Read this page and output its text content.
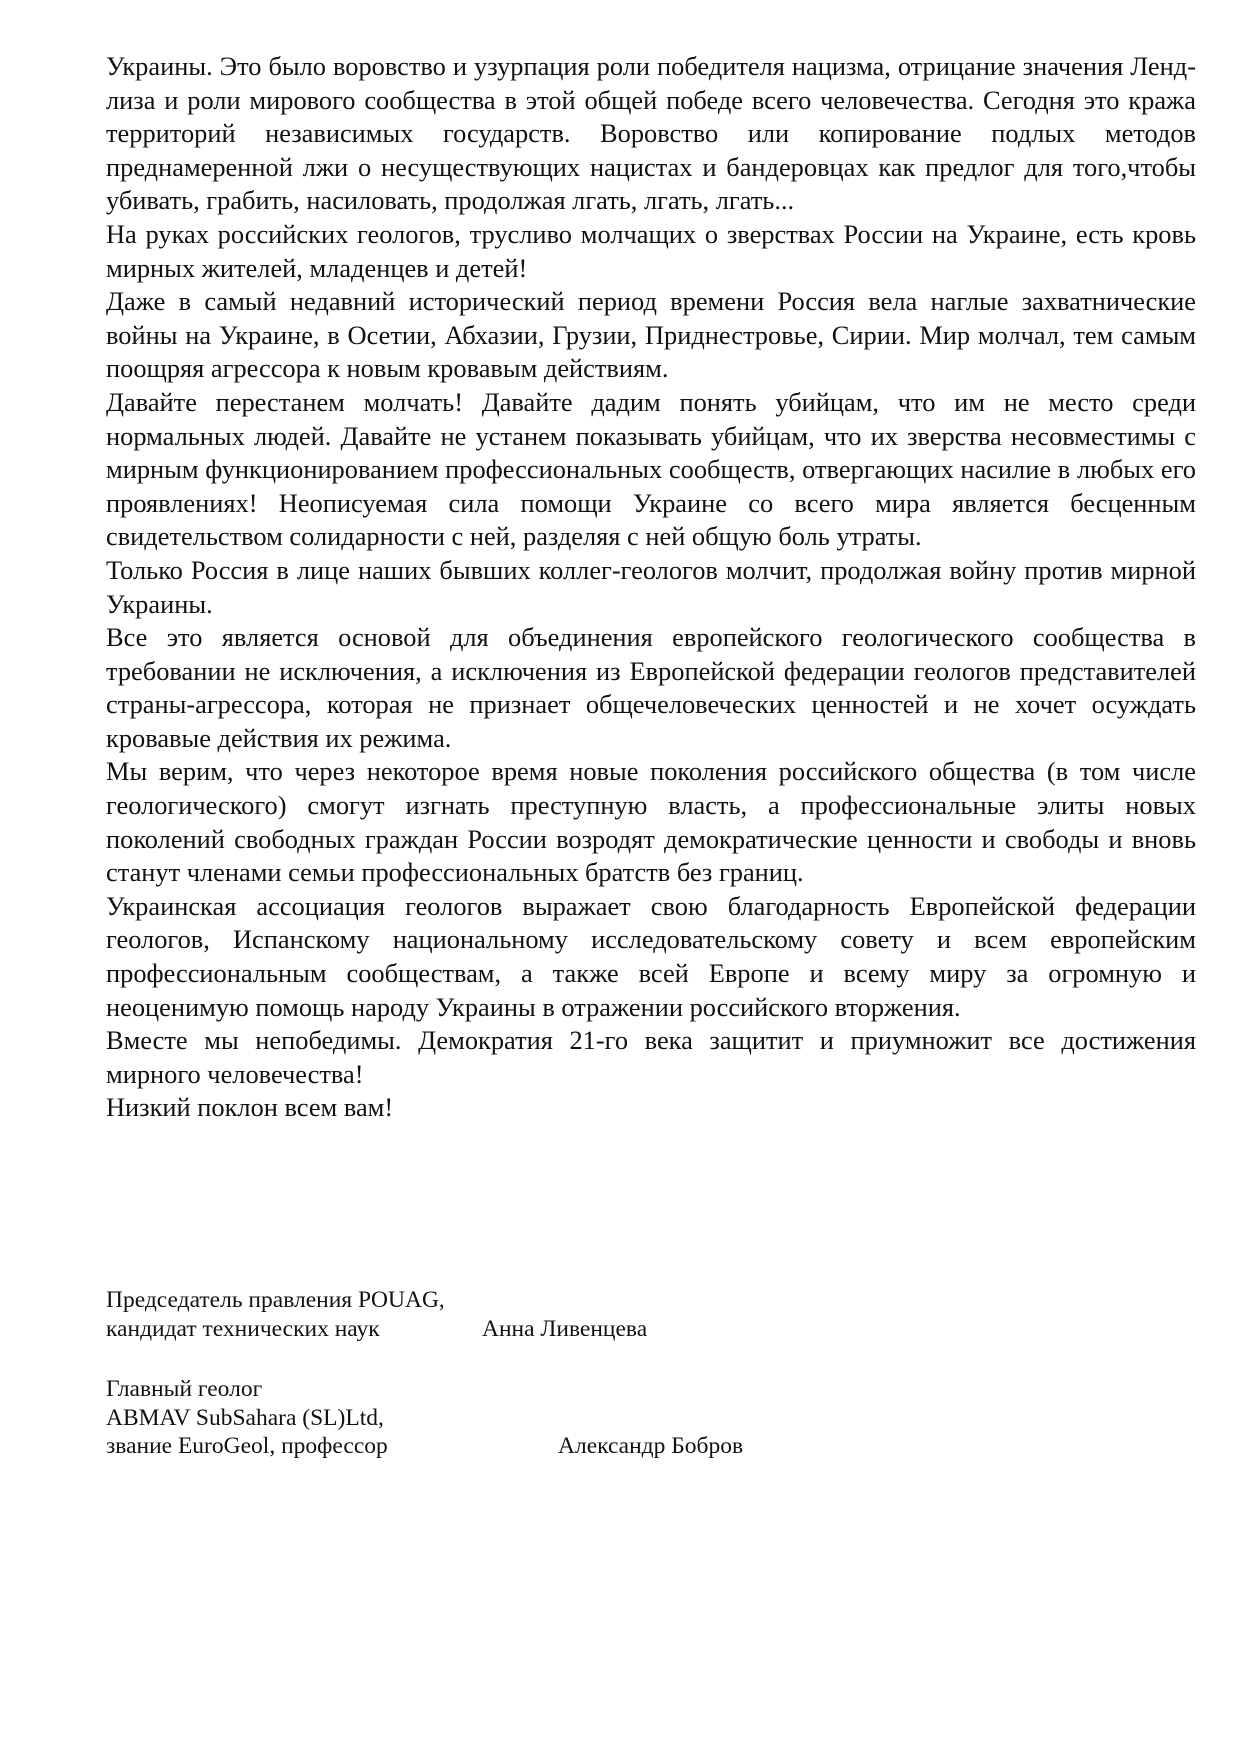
Украины. Это было воровство и узурпация роли победителя нацизма, отрицание значения Ленд-лиза и роли мирового сообщества в этой общей победе всего человечества. Сегодня это кража территорий независимых государств. Воровство или копирование подлых методов преднамеренной лжи о несуществующих нацистах и бандеровцах как предлог для того,чтобы убивать, грабить, насиловать, продолжая лгать, лгать, лгать...

На руках российских геологов, трусливо молчащих о зверствах России на Украине, есть кровь мирных жителей, младенцев и детей!

Даже в самый недавний исторический период времени Россия вела наглые захватнические войны на Украине, в Осетии, Абхазии, Грузии, Приднестровье, Сирии. Мир молчал, тем самым поощряя агрессора к новым кровавым действиям.

Давайте перестанем молчать! Давайте дадим понять убийцам, что им не место среди нормальных людей. Давайте не устанем показывать убийцам, что их зверства несовместимы с мирным функционированием профессиональных сообществ, отвергающих насилие в любых его проявлениях! Неописуемая сила помощи Украине со всего мира является бесценным свидетельством солидарности с ней, разделяя с ней общую боль утраты.

Только Россия в лице наших бывших коллег-геологов молчит, продолжая войну против мирной Украины.

Все это является основой для объединения европейского геологического сообщества в требовании не исключения, а исключения из Европейской федерации геологов представителей страны-агрессора, которая не признает общечеловеческих ценностей и не хочет осуждать кровавые действия их режима.

Мы верим, что через некоторое время новые поколения российского общества (в том числе геологического) смогут изгнать преступную власть, а профессиональные элиты новых поколений свободных граждан России возродят демократические ценности и свободы и вновь станут членами семьи профессиональных братств без границ.

Украинская ассоциация геологов выражает свою благодарность Европейской федерации геологов, Испанскому национальному исследовательскому совету и всем европейским профессиональным сообществам, а также всей Европе и всему миру за огромную и неоценимую помощь народу Украины в отражении российского вторжения.

Вместе мы непобедимы. Демократия 21-го века защитит и приумножит все достижения мирного человечества!

Низкий поклон всем вам!

Председатель правления POUAG,
кандидат технических наук	Анна Ливенцева
Главный геолог
ABMAV SubSahara (SL)Ltd,
звание EuroGeol, профессор	Александр Бобров
